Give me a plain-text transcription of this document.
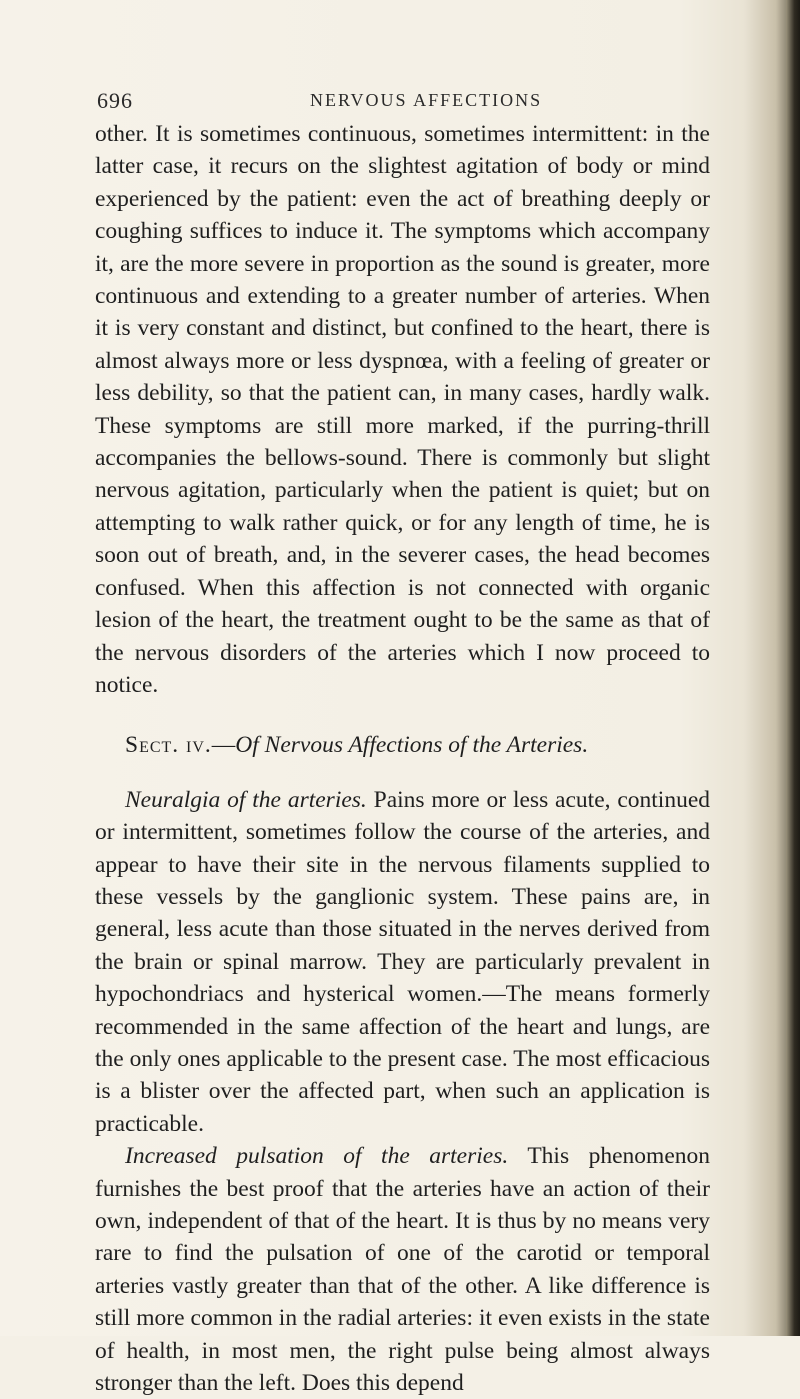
696	NERVOUS AFFECTIONS

other. It is sometimes continuous, sometimes intermittent: in the latter case, it recurs on the slightest agitation of body or mind experienced by the patient: even the act of breathing deeply or coughing suffices to induce it. The symptoms which accompany it, are the more severe in proportion as the sound is greater, more continuous and extending to a greater number of arteries. When it is very constant and distinct, but confined to the heart, there is almost always more or less dyspnœa, with a feeling of greater or less debility, so that the patient can, in many cases, hardly walk. These symptoms are still more marked, if the purring-thrill accompanies the bellows-sound. There is commonly but slight nervous agitation, particularly when the patient is quiet; but on attempting to walk rather quick, or for any length of time, he is soon out of breath, and, in the severer cases, the head becomes confused. When this affection is not connected with organic lesion of the heart, the treatment ought to be the same as that of the nervous disorders of the arteries which I now proceed to notice.

Sect. iv.—Of Nervous Affections of the Arteries.

Neuralgia of the arteries. Pains more or less acute, continued or intermittent, sometimes follow the course of the arteries, and appear to have their site in the nervous filaments supplied to these vessels by the ganglionic system. These pains are, in general, less acute than those situated in the nerves derived from the brain or spinal marrow. They are particularly prevalent in hypochondriacs and hysterical women.—The means formerly recommended in the same affection of the heart and lungs, are the only ones applicable to the present case. The most efficacious is a blister over the affected part, when such an application is practicable.

Increased pulsation of the arteries. This phenomenon furnishes the best proof that the arteries have an action of their own, independent of that of the heart. It is thus by no means very rare to find the pulsation of one of the carotid or temporal arteries vastly greater than that of the other. A like difference is still more common in the radial arteries: it even exists in the state of health, in most men, the right pulse being almost always stronger than the left. Does this depend
